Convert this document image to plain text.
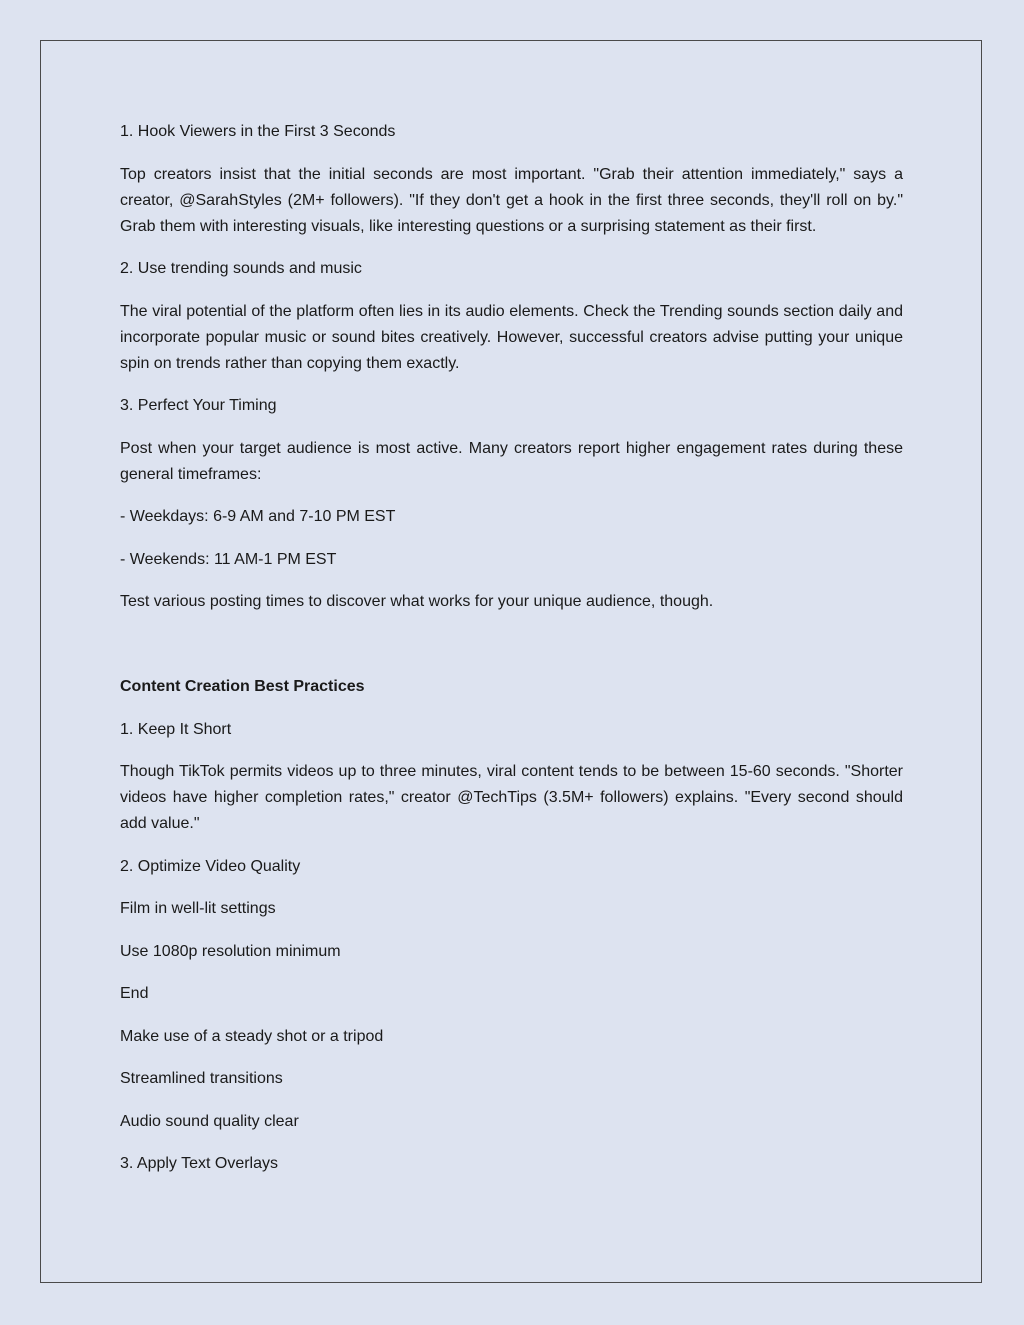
1. Hook Viewers in the First 3 Seconds

Top creators insist that the initial seconds are most important. "Grab their attention immediately," says a creator, @SarahStyles (2M+ followers). "If they don't get a hook in the first three seconds, they'll roll on by." Grab them with interesting visuals, like interesting questions or a surprising statement as their first.

2. Use trending sounds and music

The viral potential of the platform often lies in its audio elements. Check the Trending sounds section daily and incorporate popular music or sound bites creatively. However, successful creators advise putting your unique spin on trends rather than copying them exactly.

3. Perfect Your Timing

Post when your target audience is most active. Many creators report higher engagement rates during these general timeframes:

- Weekdays: 6-9 AM and 7-10 PM EST

- Weekends: 11 AM-1 PM EST

Test various posting times to discover what works for your unique audience, though.

Content Creation Best Practices

1. Keep It Short

Though TikTok permits videos up to three minutes, viral content tends to be between 15-60 seconds. "Shorter videos have higher completion rates," creator @TechTips (3.5M+ followers) explains. "Every second should add value."

2. Optimize Video Quality

Film in well-lit settings

Use 1080p resolution minimum

End

Make use of a steady shot or a tripod

Streamlined transitions

Audio sound quality clear

3. Apply Text Overlays
